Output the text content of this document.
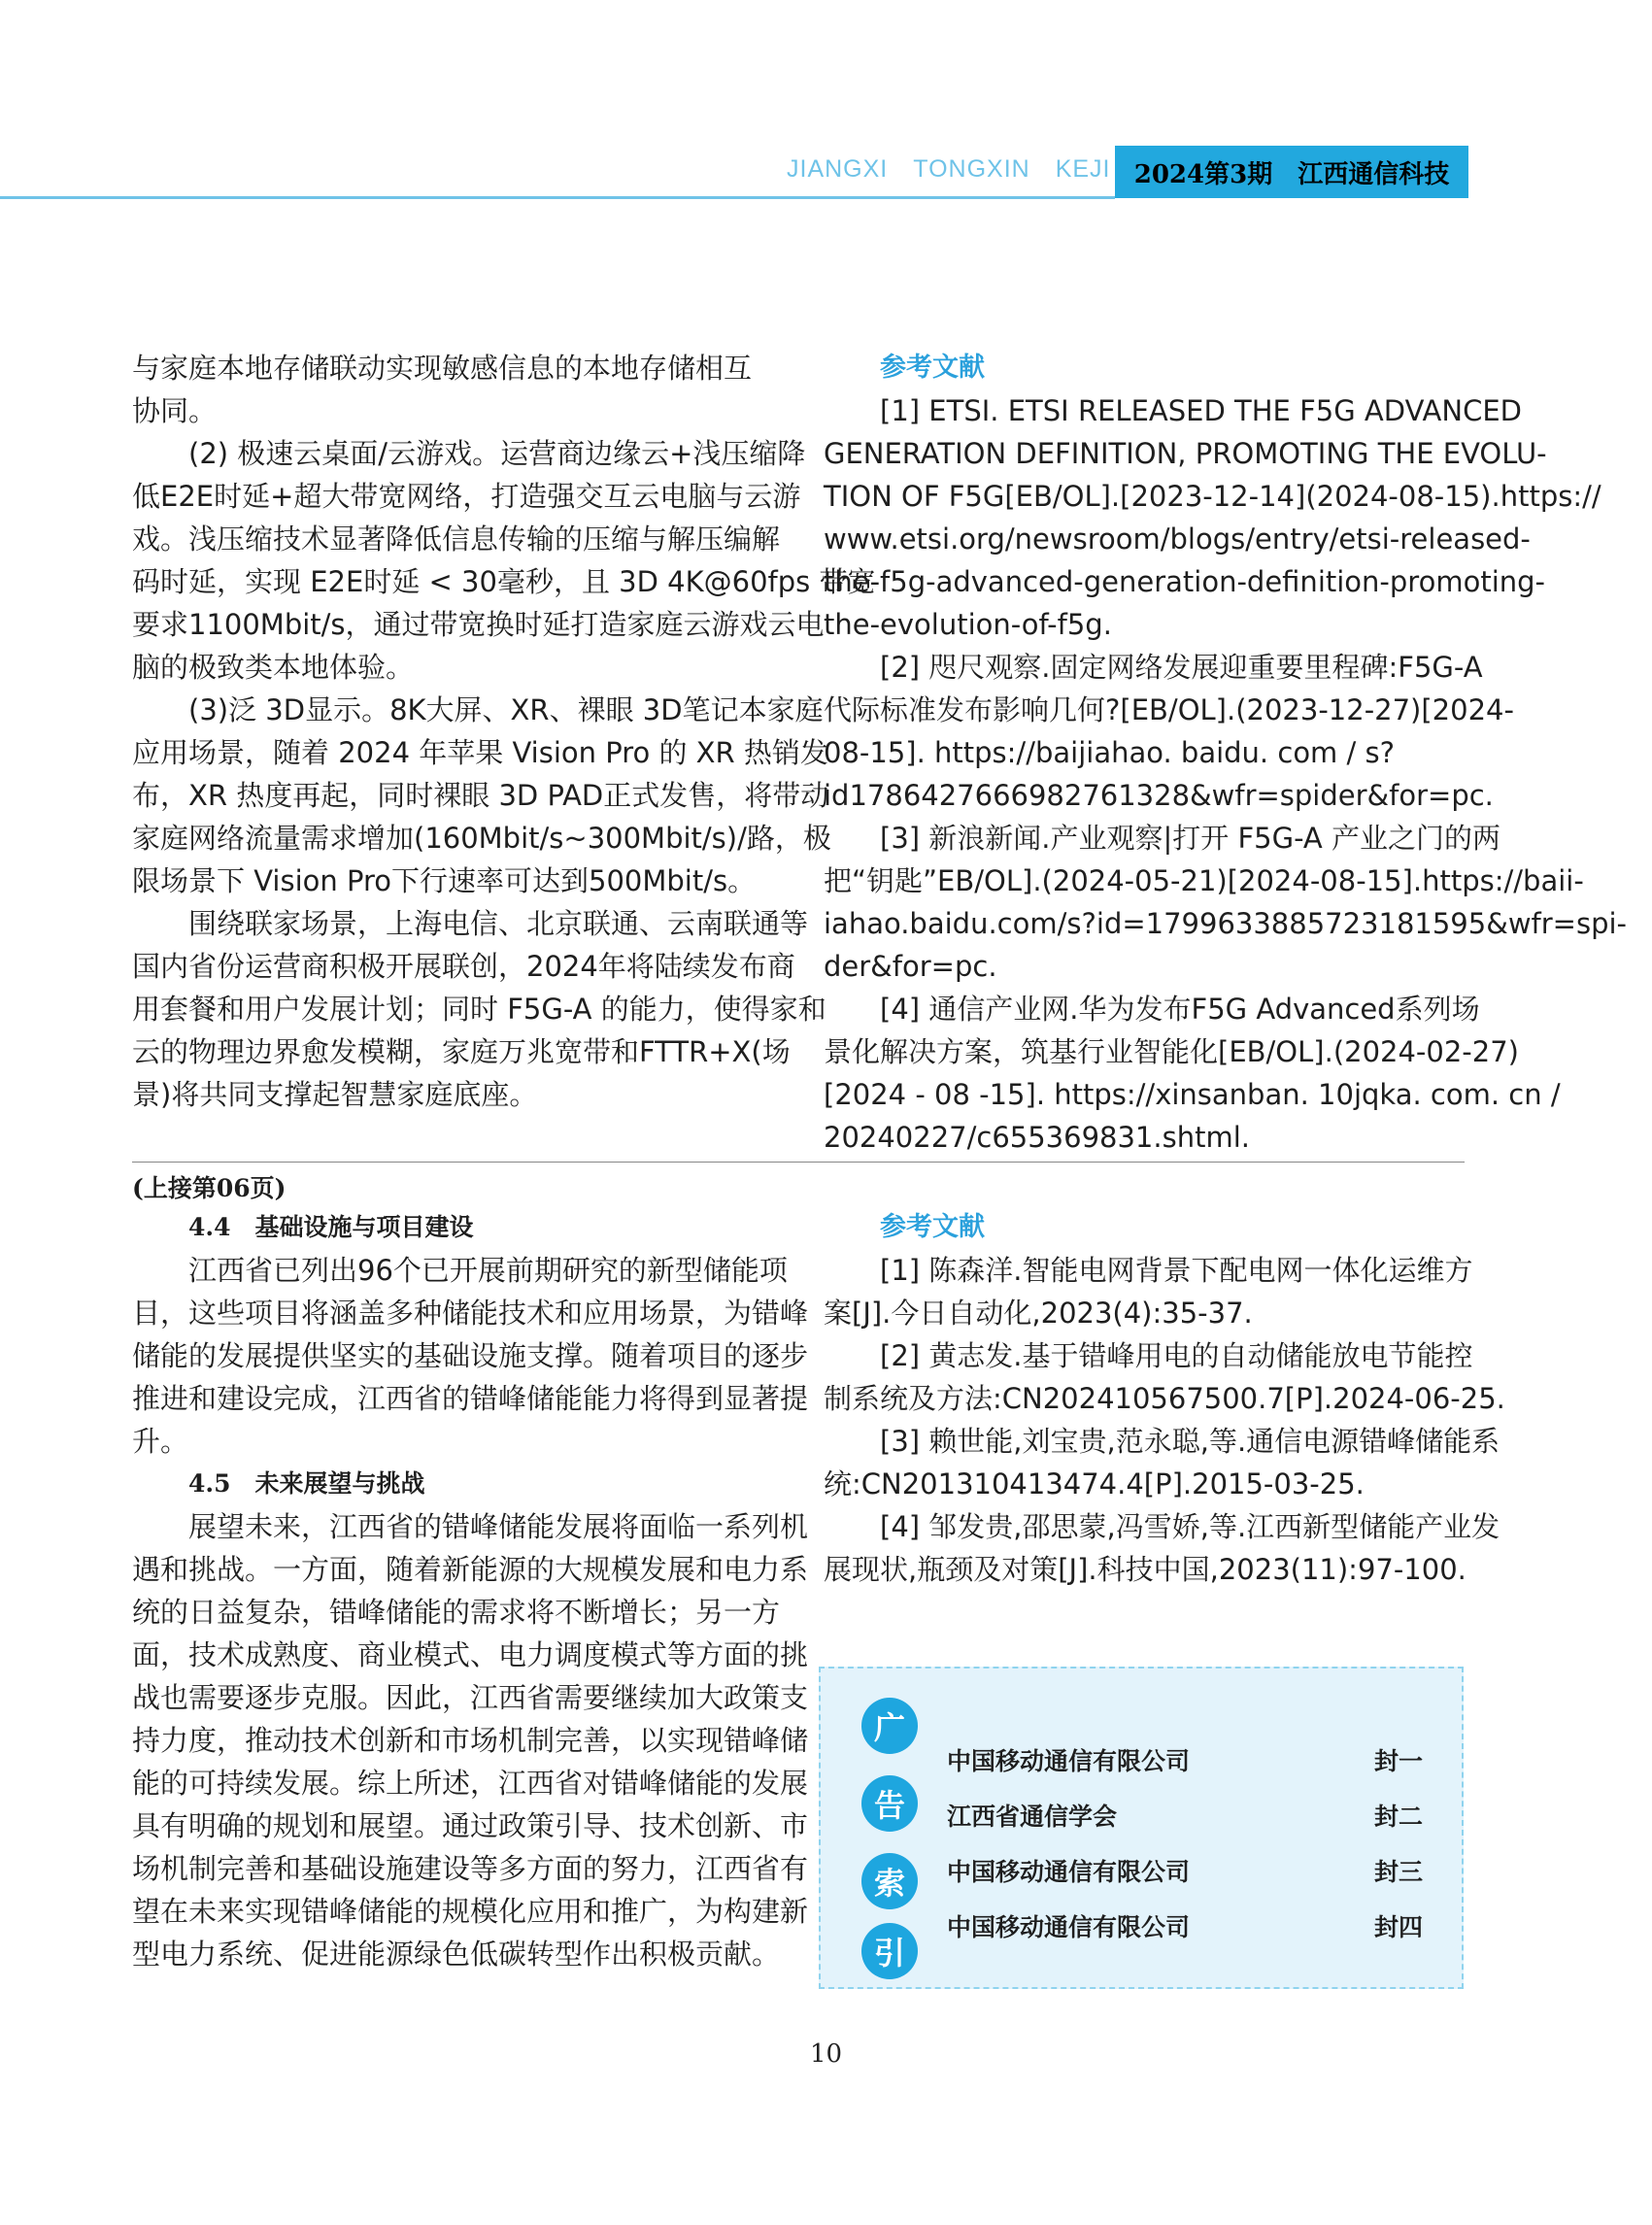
JIANGXI TONGXIN KEJI 2024第3期 江西通信科技
与家庭本地存储联动实现敏感信息的本地存储相互
协同。
(2) 极速云桌面/云游戏。运营商边缘云+浅压缩降
低E2E时延+超大带宽网络，打造强交互云电脑与云游
戏。浅压缩技术显著降低信息传输的压缩与解压编解
码时延，实现 E2E时延 < 30毫秒，且 3D 4K@60fps 带宽
要求1100Mbit/s，通过带宽换时延打造家庭云游戏云电
脑的极致类本地体验。
(3)泛 3D显示。8K大屏、XR、裸眼 3D笔记本家庭
应用场景，随着 2024 年苹果 Vision Pro 的 XR 热销发
布，XR 热度再起，同时裸眼 3D PAD正式发售，将带动
家庭网络流量需求增加(160Mbit/s~300Mbit/s)/路，极
限场景下 Vision Pro下行速率可达到500Mbit/s。
围绕联家场景，上海电信、北京联通、云南联通等
国内省份运营商积极开展联创，2024年将陆续发布商
用套餐和用户发展计划；同时 F5G-A 的能力，使得家和
云的物理边界愈发模糊，家庭万兆宽带和FTTR+X(场
景)将共同支撑起智慧家庭底座。
参考文献
[1] ETSI. ETSI RELEASED THE F5G ADVANCED
GENERATION DEFINITION, PROMOTING THE EVOLU-
TION OF F5G[EB/OL].[2023-12-14](2024-08-15).https://
www.etsi.org/newsroom/blogs/entry/etsi-released-
the-f5g-advanced-generation-definition-promoting-
the-evolution-of-f5g.
[2] 咫尺观察.固定网络发展迎重要里程碑:F5G-A
代际标准发布影响几何?[EB/OL].(2023-12-27)[2024-
08-15]. https://baijiahao. baidu. com / s?
id1786427666982761328&wfr=spider&for=pc.
[3] 新浪新闻.产业观察|打开 F5G-A 产业之门的两
把“钥匙”EB/OL].(2024-05-21)[2024-08-15].https://baii-
iahao.baidu.com/s?id=1799633885723181595&wfr=spi-
der&for=pc.
[4] 通信产业网.华为发布F5G Advanced系列场
景化解决方案，筑基行业智能化[EB/OL].(2024-02-27)
[2024 - 08 -15]. https://xinsanban. 10jqka. com. cn /
20240227/c655369831.shtml.
(上接第06页)
4.4　基础设施与项目建设
江西省已列出96个已开展前期研究的新型储能项
目，这些项目将涵盖多种储能技术和应用场景，为错峰
储能的发展提供坚实的基础设施支撑。随着项目的逐步
推进和建设完成，江西省的错峰储能能力将得到显著提
升。
4.5　未来展望与挑战
展望未来，江西省的错峰储能发展将面临一系列机
遇和挑战。一方面，随着新能源的大规模发展和电力系
统的日益复杂，错峰储能的需求将不断增长；另一方
面，技术成熟度、商业模式、电力调度模式等方面的挑
战也需要逐步克服。因此，江西省需要继续加大政策支
持力度，推动技术创新和市场机制完善，以实现错峰储
能的可持续发展。综上所述，江西省对错峰储能的发展
具有明确的规划和展望。通过政策引导、技术创新、市
场机制完善和基础设施建设等多方面的努力，江西省有
望在未来实现错峰储能的规模化应用和推广，为构建新
型电力系统、促进能源绿色低碳转型作出积极贡献。
参考文献
[1] 陈森洋.智能电网背景下配电网一体化运维方
案[J].今日自动化,2023(4):35-37.
[2] 黄志发.基于错峰用电的自动储能放电节能控
制系统及方法:CN202410567500.7[P].2024-06-25.
[3] 赖世能,刘宝贵,范永聪,等.通信电源错峰储能系
统:CN201310413474.4[P].2015-03-25.
[4] 邹发贵,邵思蒙,冯雪娇,等.江西新型储能产业发
展现状,瓶颈及对策[J].科技中国,2023(11):97-100.
广
告
索
引
中国移动通信有限公司	封一
江西省通信学会	封二
中国移动通信有限公司	封三
中国移动通信有限公司	封四
10
